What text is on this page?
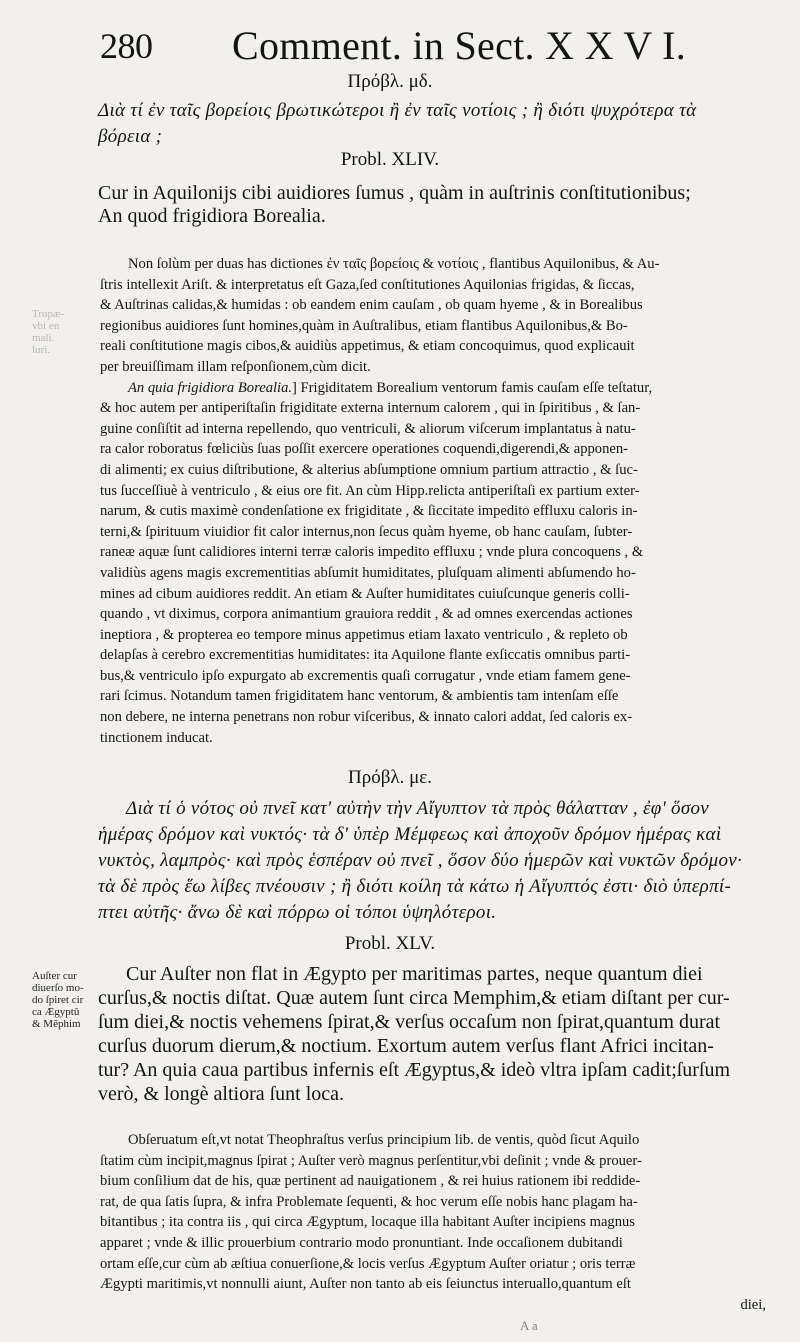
280 Comment. in Sect. X X V I.
Πρόβλ. μδ.
Διὰ τί ἐν ταῖς βορείοις βρωτικώτεροι ἢ ἐν ταῖς νοτίοις ; ἢ διότι ψυχρότερα τὰ
βόρεια ;
Probl. XLIV.
Cur in Aquilonijs cibi auidiores ſumus , quàm in auſtrinis conſtitutionibus;
An quod frigidiora Borealia.
Tropæ-
vbi en
mali.
luri.
Non ſolùm per duas has dictiones ἐν ταῖς βορείοις & νοτίοις , flantibus Aquilonibus, & Au-
ſtris intellexit Ariſt. & interpretatus eſt Gaza,ſed conſtitutiones Aquilonias frigidas, & ſiccas,
& Auſtrinas calidas,& humidas : ob eandem enim cauſam , ob quam hyeme , & in Borealibus
regionibus auidiores ſunt homines,quàm in Auſtralibus, etiam flantibus Aquilonibus,& Bo-
reali conſtitutione magis cibos,& auidiùs appetimus, & etiam concoquimus, quod explicauit
per breuiſſimam illam reſponſionem,cùm dicit.
An quia frigidiora Borealia.] Frigiditatem Borealium ventorum famis cauſam eſſe teſtatur,
& hoc autem per antiperiſtaſin frigiditate externa internum calorem , qui in ſpiritibus , & ſan-
guine conſiſtit ad interna repellendo, quo ventriculi, & aliorum viſcerum implantatus à natu-
ra calor roboratus fœliciùs ſuas poſſit exercere operationes coquendi,digerendi,& apponen-
di alimenti; ex cuius diſtributione, & alterius abſumptione omnium partium attractio , & ſuc-
tus ſucceſſiuè à ventriculo , & eius ore fit. An cùm Hipp.relicta antiperiſtaſi ex partium exter-
narum, & cutis maximè condenſatione ex frigiditate , & ſiccitate impedito effluxu caloris in-
terni,& ſpirituum viuidior fit calor internus,non ſecus quàm hyeme, ob hanc cauſam, ſubter-
raneæ aquæ ſunt calidiores interni terræ caloris impedito effluxu ; vnde plura concoquens , &
validiùs agens magis excrementitias abſumit humiditates, pluſquam alimenti abſumendo ho-
mines ad cibum auidiores reddit. An etiam & Auſter humiditates cuiuſcunque generis colli-
quando , vt diximus, corpora animantium grauiora reddit , & ad omnes exercendas actiones
ineptiora , & propterea eo tempore minus appetimus etiam laxato ventriculo , & repleto ob
delapſas à cerebro excrementitias humiditates: ita Aquilone flante exſiccatis omnibus parti-
bus,& ventriculo ipſo expurgato ab excrementis quaſi corrugatur , vnde etiam famem gene-
rari ſcimus. Notandum tamen frigiditatem hanc ventorum, & ambientis tam intenſam eſſe
non debere, ne interna penetrans non robur viſceribus, & innato calori addat, ſed caloris ex-
tinctionem inducat.
Πρόβλ. με.
Διὰ τί ὁ νότος οὐ πνεῖ κατ' αὐτὴν τὴν Αἴγυπτον τὰ πρὸς θάλατταν , ἐφ' ὅσον
ἡμέρας δρόμον καὶ νυκτός· τὰ δ' ὑπὲρ Μέμφεως καὶ ἀποχοῦν δρόμον ἡμέρας καὶ
νυκτὸς, λαμπρὸς· καὶ πρὸς ἑσπέραν οὐ πνεῖ , ὅσον δύο ἡμερῶν καὶ νυκτῶν δρόμον·
τὰ δὲ πρὸς ἕω λίβες πνέουσιν ; ἢ διότι κοίλη τὰ κάτω ἡ Αἴγυπτός ἐστι· διὸ ὑπερπί-
πτει αὐτῆς· ἄνω δὲ καὶ πόρρω οἱ τόποι ὑψηλότεροι.
Probl. XLV.
Auſter cur
diuerſo mo-
do ſpiret cir
ca Ægyptū
& Mẽphim
Cur Auſter non flat in Ægypto per maritimas partes, neque quantum diei
curſus,& noctis diſtat. Quæ autem ſunt circa Memphim,& etiam diſtant per cur-
ſum diei,& noctis vehemens ſpirat,& verſus occaſum non ſpirat,quantum durat
curſus duorum dierum,& noctium. Exortum autem verſus flant Africi incitan-
tur? An quia caua partibus infernis eſt Ægyptus,& ideò vltra ipſam cadit;ſurſum
verò, & longè altiora ſunt loca.
Obſeruatum eſt,vt notat Theophraſtus verſus principium lib. de ventis, quòd ſicut Aquilo
ſtatim cùm incipit,magnus ſpirat ; Auſter verò magnus perſentitur,vbi deſinit ; vnde & prouer-
bium conſilium dat de his, quæ pertinent ad nauigationem , & rei huius rationem ibi reddide-
rat, de qua ſatis ſupra, & infra Problemate ſequenti, & hoc verum eſſe nobis hanc plagam ha-
bitantibus ; ita contra iis , qui circa Ægyptum, locaque illa habitant Auſter incipiens magnus
apparet ; vnde & illic prouerbium contrario modo pronuntiant. Inde occaſionem dubitandi
ortam eſſe,cur cùm ab æſtiua conuerſione,& locis verſus Ægyptum Auſter oriatur ; oris terræ
Ægypti maritimis,vt nonnulli aiunt, Auſter non tanto ab eis ſeiunctus interuallo,quantum eſt
diei,
A a
